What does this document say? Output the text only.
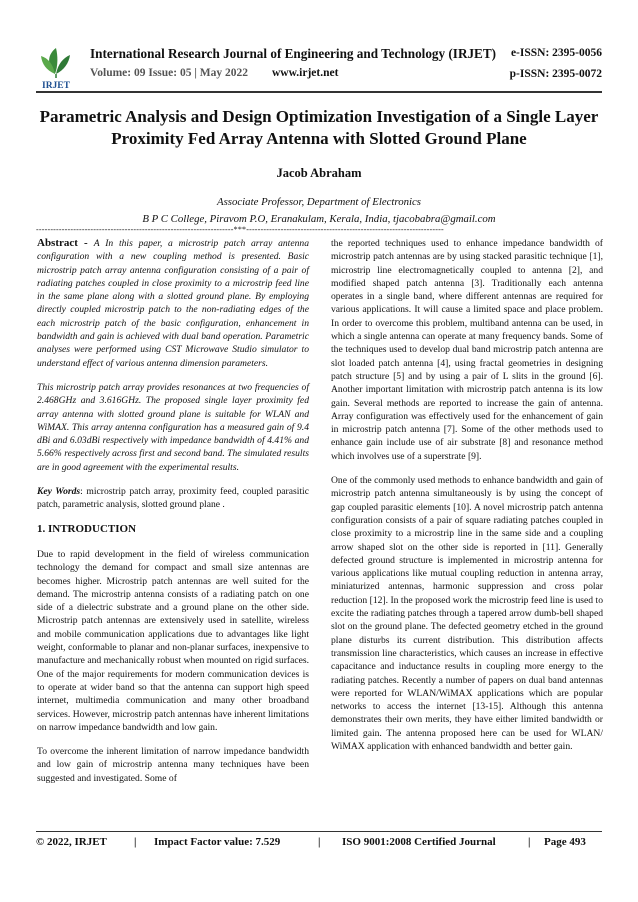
IRJET
International Research Journal of Engineering and Technology (IRJET) e-ISSN: 2395-0056
Volume: 09 Issue: 05 | May 2022 www.irjet.net	p-ISSN: 2395-0072
Parametric Analysis and Design Optimization Investigation of a Single Layer Proximity Fed Array Antenna with Slotted Ground Plane
Jacob Abraham
Associate Professor, Department of Electronics
B P C College, Piravom P.O, Eranakulam, Kerala, India, tjacobabra@gmail.com
---------------------------------------------------------------------***---------------------------------------------------------------------

Abstract - A In this paper, a microstrip patch array antenna configuration with a new coupling method is presented. Basic microstrip patch array antenna configuration consisting of a pair of radiating patches coupled in close proximity to a microstrip feed line in the same plane along with a slotted ground plane. By employing directly coupled microstrip patch to the non-radiating edges of the each microstrip patch of the basic configuration, enhancement in bandwidth and gain is achieved with dual band operation. Parametric analyses were performed using CST Microwave Studio simulator to understand effect of various antenna dimension parameters.

This microstrip patch array provides resonances at two frequencies of 2.468GHz and 3.616GHz. The proposed single layer proximity fed array antenna with slotted ground plane is suitable for WLAN and WiMAX. This array antenna configuration has a measured gain of 9.4 dBi and 6.03dBi respectively with impedance bandwidth of 4.41% and 5.66% respectively across first and second band. The simulated results are in good agreement with the experimental results.

Key Words: microstrip patch array, proximity feed, coupled parasitic patch, parametric analysis, slotted ground plane .

1. INTRODUCTION

Due to rapid development in the field of wireless communication technology the demand for compact and small size antennas are becomes higher. Microstrip patch antennas are well suited for the demand. The microstrip antenna consists of a radiating patch on one side of a dielectric substrate and a ground plane on the other side. Microstrip patch antennas are extensively used in satellite, wireless and mobile communication applications due to advantages like light weight, conformable to planar and non-planar surfaces, inexpensive to manufacture and mechanically robust when mounted on rigid surfaces. One of the major requirements for modern communication devices is to operate at wider band so that the antenna can support high speed internet, multimedia communication and many other broadband services. However, microstrip patch antennas have inherent limitations on narrow impedance bandwidth and low gain.

To overcome the inherent limitation of narrow impedance bandwidth and low gain of microstrip antenna many techniques have been suggested and investigated. Some of

the reported techniques used to enhance impedance bandwidth of microstrip patch antennas are by using stacked parasitic technique [1], microstrip line electromagnetically coupled to antenna [2], and modified shaped patch antenna [3]. Traditionally each antenna operates in a single band, where different antennas are required for various applications. It will cause a limited space and place problem. In order to overcome this problem, multiband antenna can be used, in which a single antenna can operate at many frequency bands. Some of the techniques used to develop dual band microstrip patch antenna are slot loaded patch antenna [4], using fractal geometries in designing patch structure [5] and by using a pair of L slits in the ground [6]. Another important limitation with microstrip patch antenna is its low gain. Several methods are reported to increase the gain of antenna. Array configuration was effectively used for the enhancement of gain in microstrip patch antenna [7]. Some of the other methods used to enhance gain include use of air substrate [8] and resonance method which involves use of a superstrate [9].

One of the commonly used methods to enhance bandwidth and gain of microstrip patch antenna simultaneously is by using the concept of gap coupled parasitic elements [10]. A novel microstrip patch antenna configuration consists of a pair of square radiating patches coupled in close proximity to a microstrip line in the same side and a coupling arrow shaped slot on the other side is reported in [11]. Generally defected ground structure is implemented in microstrip antenna for various applications like mutual coupling reduction in antenna array, miniaturized antennas, harmonic suppression and cross polar reduction [12]. In the proposed work the microstrip feed line is used to excite the radiating patches through a tapered arrow dumb-bell shaped slot on the ground plane. The defected geometry etched in the ground plane disturbs its current distribution. This distribution affects transmission line characteristics, which causes an increase in effective capacitance and inductance results in coupling more energy to the radiating patches. Recently a number of papers on dual band antennas were reported for WLAN/WiMAX applications which are popular networks to access the internet [13-15]. Although this antenna demonstrates their own merits, they have either limited bandwidth or limited gain. The antenna proposed here can be used for WLAN/ WiMAX application with enhanced bandwidth and better gain.

© 2022, IRJET | Impact Factor value: 7.529	| ISO 9001:2008 Certified Journal	| Page 493
